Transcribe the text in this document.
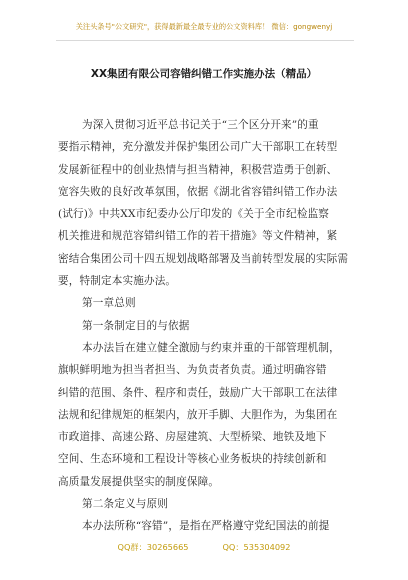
关注头条号"公文研究"，获得最新最全最专业的公文资料库！ 微信：gongwenyj
XX集团有限公司容错纠错工作实施办法（精品）
为深入贯彻习近平总书记关于“三个区分开来”的重
要指示精神，充分激发并保护集团公司广大干部职工在转型
发展新征程中的创业热情与担当精神，积极营造勇于创新、
宽容失败的良好改革氛围，依据《湖北省容错纠错工作办法
(试行)》中共XX市纪委办公厅印发的《关于全市纪检监察
机关推进和规范容错纠错工作的若干措施》等文件精神，紧
密结合集团公司十四五规划战略部署及当前转型发展的实际需
要，特制定本实施办法。
第一章总则
第一条制定目的与依据
本办法旨在建立健全激励与约束并重的干部管理机制，
旗帜鲜明地为担当者担当、为负责者负责。通过明确容错
纠错的范围、条件、程序和责任，鼓励广大干部职工在法律
法规和纪律规矩的框架内，放开手脚、大胆作为，为集团在
市政道排、高速公路、房屋建筑、大型桥梁、地铁及地下
空间、生态环境和工程设计等核心业务板块的持续创新和
高质量发展提供坚实的制度保障。
第二条定义与原则
本办法所称“容错”，是指在严格遵守党纪国法的前提
QQ群：30265665	QQ：535304092
